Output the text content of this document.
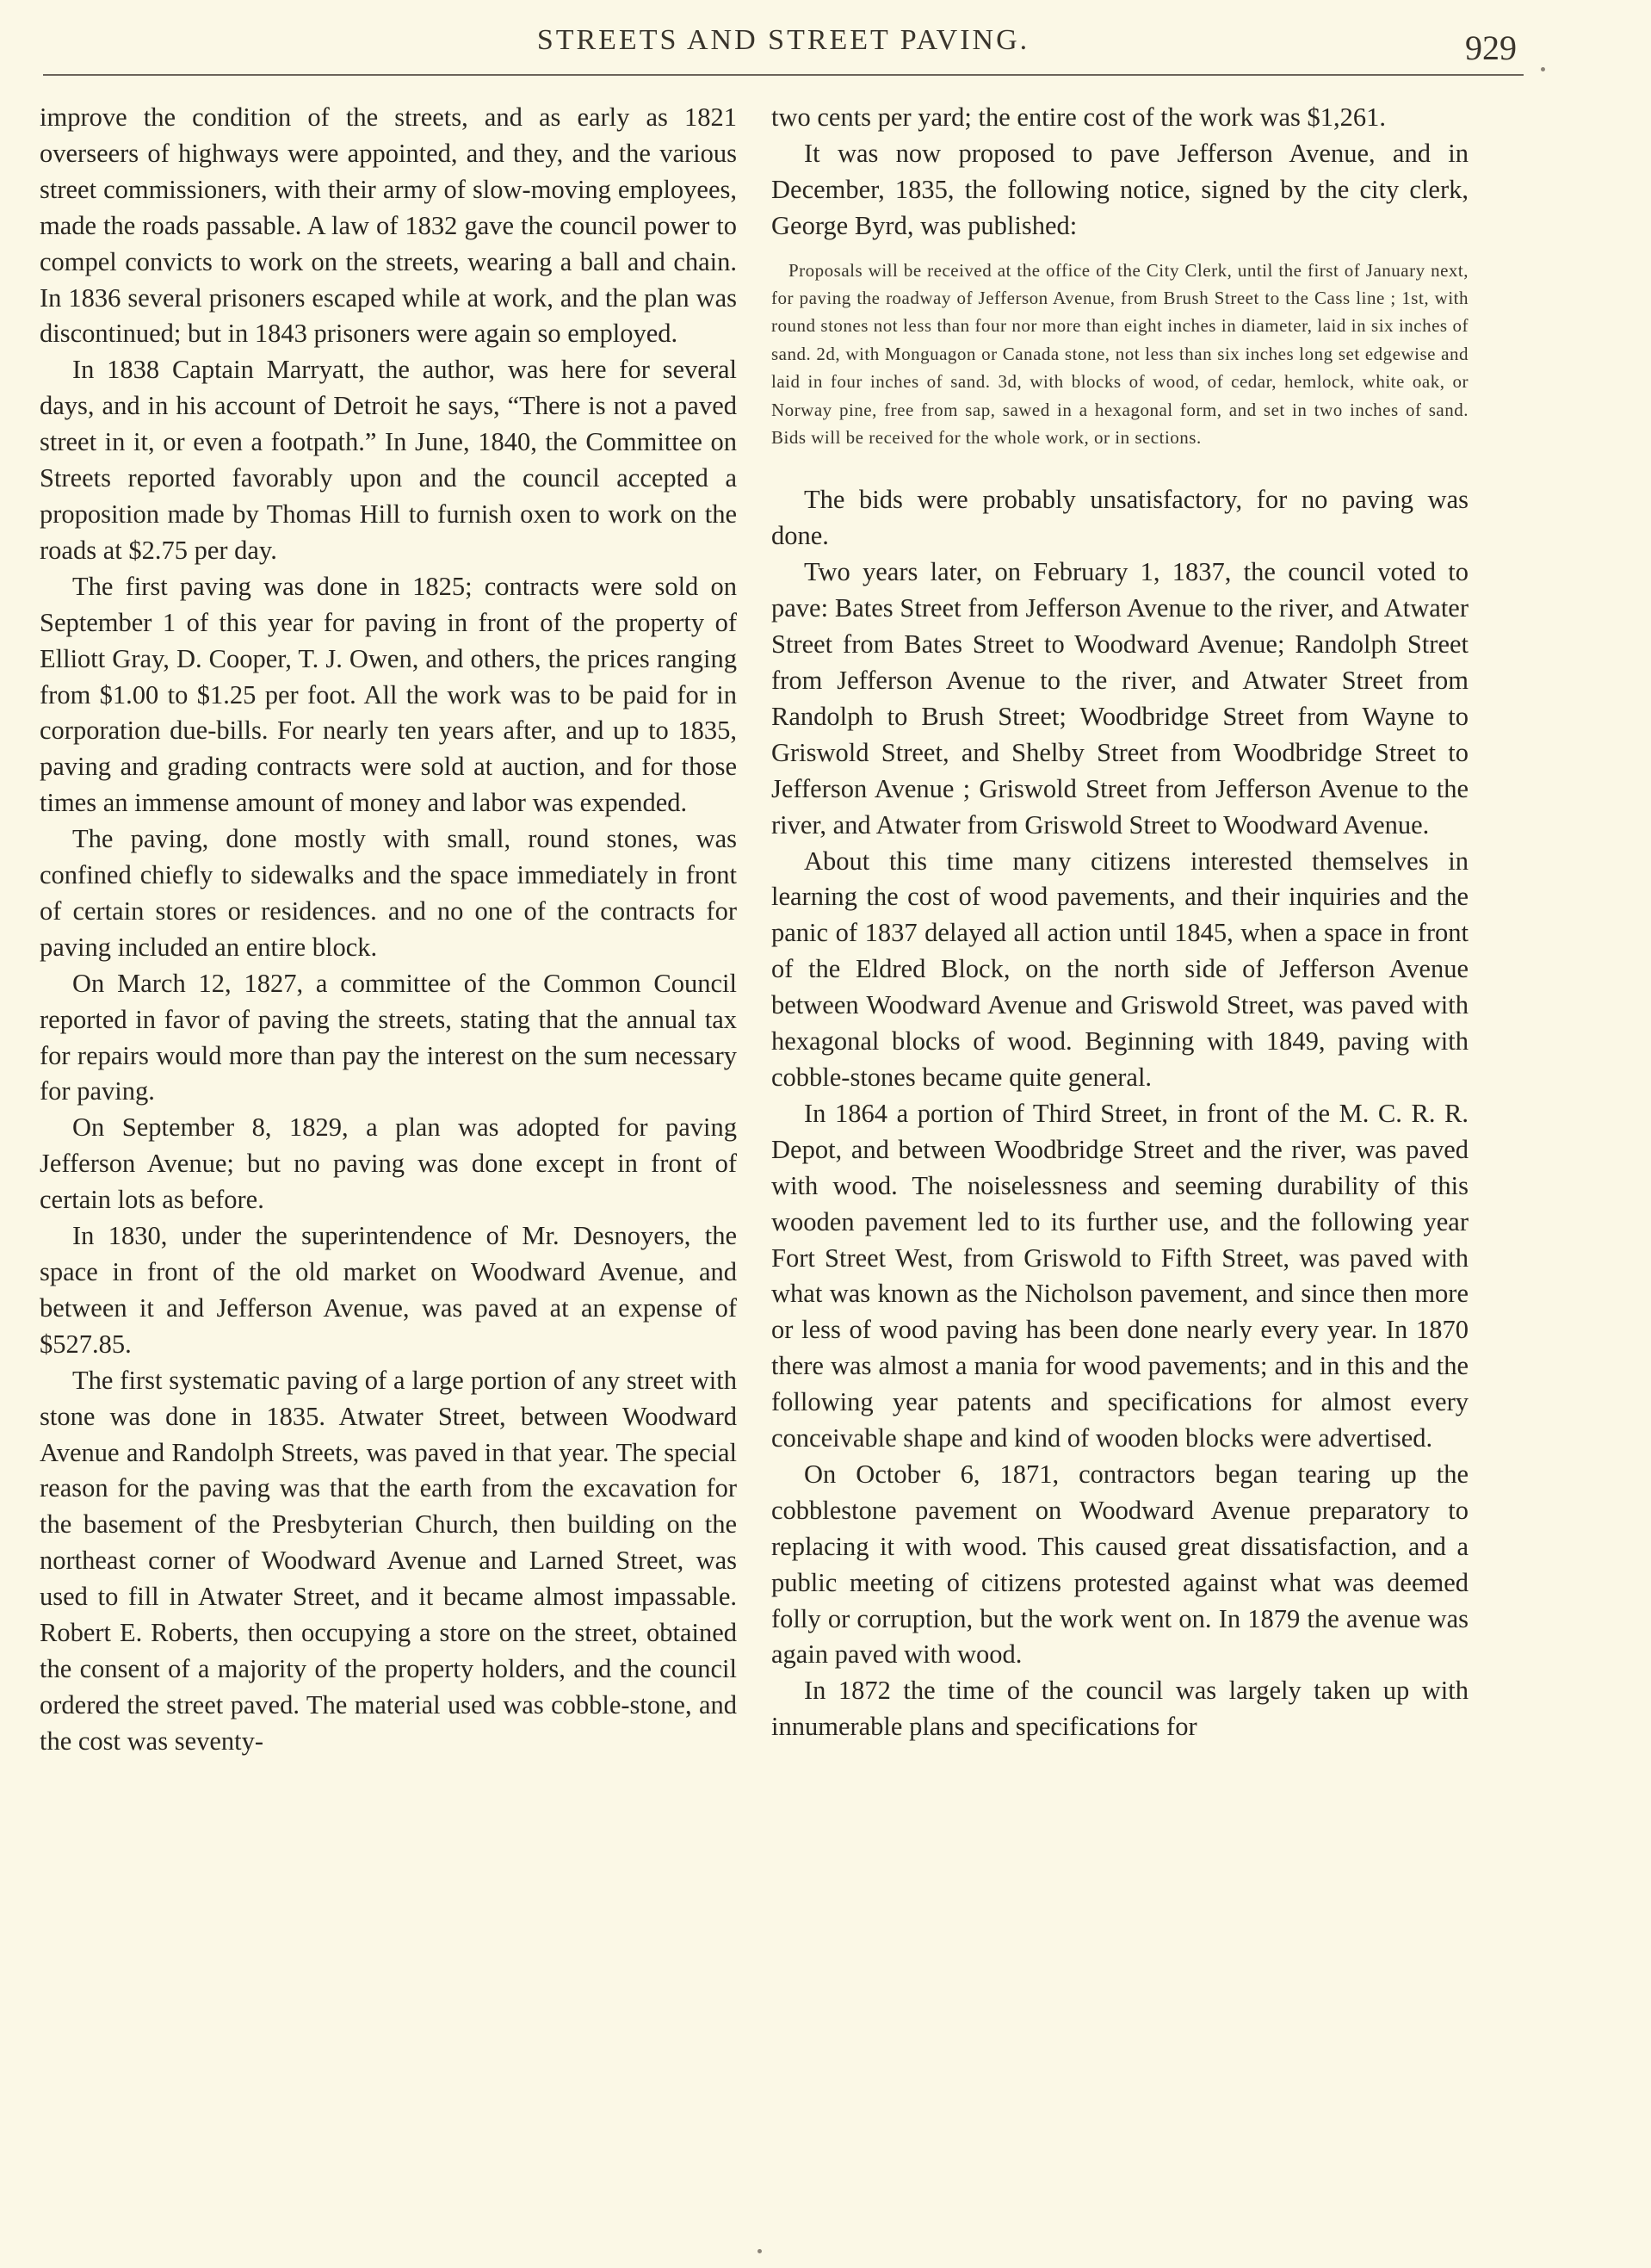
STREETS AND STREET PAVING.	929

improve the condition of the streets, and as early as 1821 overseers of highways were appointed, and they, and the various street commissioners, with their army of slow-moving employees, made the roads passable. A law of 1832 gave the council power to compel convicts to work on the streets, wearing a ball and chain. In 1836 several prisoners escaped while at work, and the plan was discontinued; but in 1843 prisoners were again so employed.

In 1838 Captain Marryatt, the author, was here for several days, and in his account of Detroit he says, “There is not a paved street in it, or even a footpath.” In June, 1840, the Committee on Streets reported favorably upon and the council accepted a proposition made by Thomas Hill to furnish oxen to work on the roads at $2.75 per day.

The first paving was done in 1825; contracts were sold on September 1 of this year for paving in front of the property of Elliott Gray, D. Cooper, T. J. Owen, and others, the prices ranging from $1.00 to $1.25 per foot. All the work was to be paid for in corporation due-bills. For nearly ten years after, and up to 1835, paving and grading contracts were sold at auction, and for those times an immense amount of money and labor was expended.

The paving, done mostly with small, round stones, was confined chiefly to sidewalks and the space immediately in front of certain stores or residences. and no one of the contracts for paving included an entire block.

On March 12, 1827, a committee of the Common Council reported in favor of paving the streets, stating that the annual tax for repairs would more than pay the interest on the sum necessary for paving.

On September 8, 1829, a plan was adopted for paving Jefferson Avenue; but no paving was done except in front of certain lots as before.

In 1830, under the superintendence of Mr. Desnoyers, the space in front of the old market on Woodward Avenue, and between it and Jefferson Avenue, was paved at an expense of $527.85.

The first systematic paving of a large portion of any street with stone was done in 1835. Atwater Street, between Woodward Avenue and Randolph Streets, was paved in that year. The special reason for the paving was that the earth from the excavation for the basement of the Presbyterian Church, then building on the northeast corner of Woodward Avenue and Larned Street, was used to fill in Atwater Street, and it became almost impassable. Robert E. Roberts, then occupying a store on the street, obtained the consent of a majority of the property holders, and the council ordered the street paved. The material used was cobble-stone, and the cost was seventy-

two cents per yard; the entire cost of the work was $1,261.

It was now proposed to pave Jefferson Avenue, and in December, 1835, the following notice, signed by the city clerk, George Byrd, was published:

Proposals will be received at the office of the City Clerk, until the first of January next, for paving the roadway of Jefferson Avenue, from Brush Street to the Cass line ; 1st, with round stones not less than four nor more than eight inches in diameter, laid in six inches of sand. 2d, with Monguagon or Canada stone, not less than six inches long set edgewise and laid in four inches of sand. 3d, with blocks of wood, of cedar, hemlock, white oak, or Norway pine, free from sap, sawed in a hexagonal form, and set in two inches of sand. Bids will be received for the whole work, or in sections.

The bids were probably unsatisfactory, for no paving was done.

Two years later, on February 1, 1837, the council voted to pave: Bates Street from Jefferson Avenue to the river, and Atwater Street from Bates Street to Woodward Avenue; Randolph Street from Jefferson Avenue to the river, and Atwater Street from Randolph to Brush Street; Woodbridge Street from Wayne to Griswold Street, and Shelby Street from Woodbridge Street to Jefferson Avenue ; Griswold Street from Jefferson Avenue to the river, and Atwater from Griswold Street to Woodward Avenue.

About this time many citizens interested themselves in learning the cost of wood pavements, and their inquiries and the panic of 1837 delayed all action until 1845, when a space in front of the Eldred Block, on the north side of Jefferson Avenue between Woodward Avenue and Griswold Street, was paved with hexagonal blocks of wood. Beginning with 1849, paving with cobble-stones became quite general.

In 1864 a portion of Third Street, in front of the M. C. R. R. Depot, and between Woodbridge Street and the river, was paved with wood. The noiselessness and seeming durability of this wooden pavement led to its further use, and the following year Fort Street West, from Griswold to Fifth Street, was paved with what was known as the Nicholson pavement, and since then more or less of wood paving has been done nearly every year. In 1870 there was almost a mania for wood pavements; and in this and the following year patents and specifications for almost every conceivable shape and kind of wooden blocks were advertised.

On October 6, 1871, contractors began tearing up the cobblestone pavement on Woodward Avenue preparatory to replacing it with wood. This caused great dissatisfaction, and a public meeting of citizens protested against what was deemed folly or corruption, but the work went on. In 1879 the avenue was again paved with wood.

In 1872 the time of the council was largely taken up with innumerable plans and specifications for
